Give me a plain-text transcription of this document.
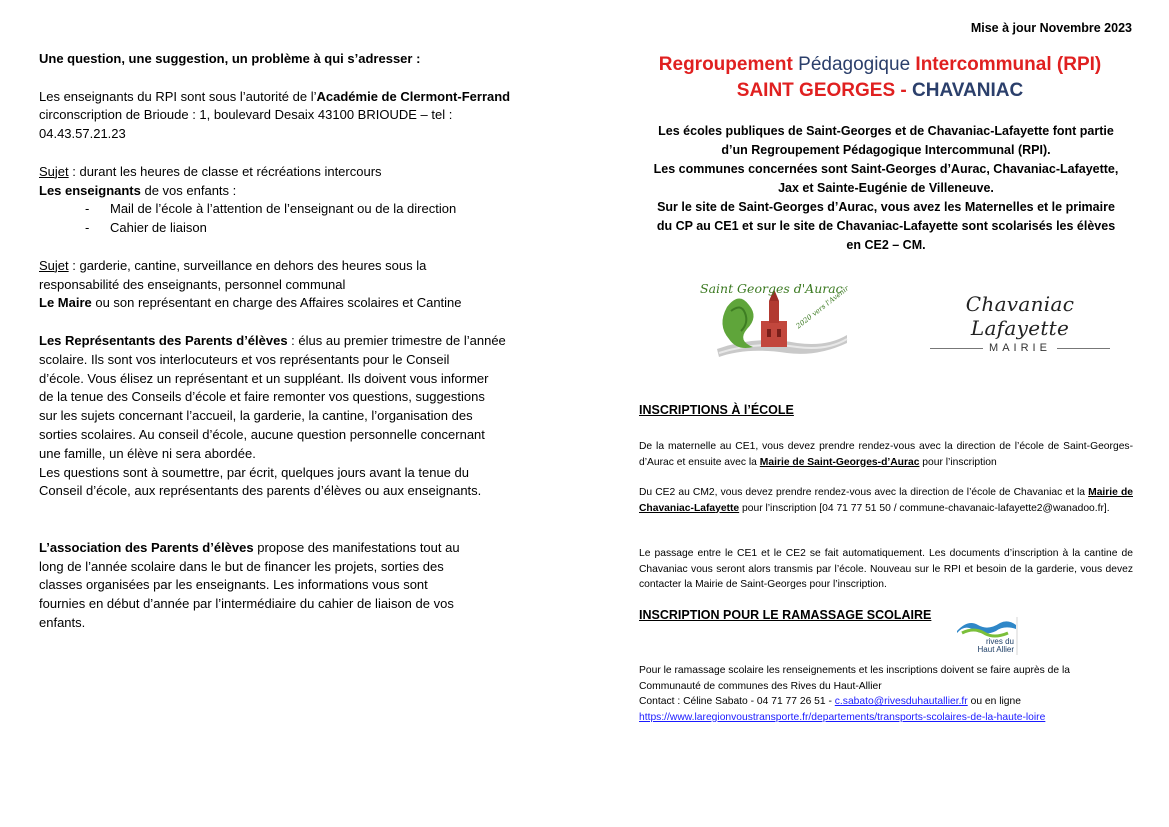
Une question, une suggestion, un problème à qui s’adresser :

Les enseignants du RPI sont sous l’autorité de l’Académie de Clermont-Ferrand
circonscription de Brioude : 1, boulevard Desaix 43100 BRIOUDE – tel :
04.43.57.21.23

Sujet : durant les heures de classe et récréations intercours
Les enseignants de vos enfants :

- Mail de l’école à l’attention de l’enseignant ou de la direction
- Cahier de liaison

Sujet : garderie, cantine, surveillance en dehors des heures sous la
responsabilité des enseignants, personnel communal
Le Maire ou son représentant en charge des Affaires scolaires et Cantine

Les Représentants des Parents d’élèves : élus au premier trimestre de l’année
scolaire. Ils sont vos interlocuteurs et vos représentants pour le Conseil
d’école. Vous élisez un représentant et un suppléant. Ils doivent vous informer
de la tenue des Conseils d’école et faire remonter vos questions, suggestions
sur les sujets concernant l’accueil, la garderie, la cantine, l’organisation des
sorties scolaires. Au conseil d’école, aucune question personnelle concernant
une famille, un élève ni sera abordée.
Les questions sont à soumettre, par écrit, quelques jours avant la tenue du
Conseil d’école, aux représentants des parents d’élèves ou aux enseignants.

L’association des Parents d’élèves propose des manifestations tout au
long de l’année scolaire dans le but de financer les projets, sorties des
classes organisées par les enseignants. Les informations vous sont
fournies en début d’année par l’intermédiaire du cahier de liaison de vos
enfants.

Mise à jour Novembre 2023
Regroupement Pédagogique Intercommunal (RPI)
SAINT GEORGES - CHAVANIAC

Les écoles publiques de Saint-Georges et de Chavaniac-Lafayette font partie

d’un Regroupement Pédagogique Intercommunal (RPI).

Les communes concernées sont Saint-Georges d’Aurac, Chavaniac-Lafayette,

Jax et Sainte-Eugénie de Villeneuve.

Sur le site de Saint-Georges d’Aurac, vous avez les Maternelles et le primaire

du CP au CE1 et sur le site de Chavaniac-Lafayette sont scolarisés les élèves

en CE2 – CM.

Saint Georges d'Aurac
2020 vers l'Avenir	Chavaniac Lafayette
MAIRIE
INSCRIPTIONS À l’ÉCOLE

De la maternelle au CE1, vous devez prendre rendez-vous avec la direction de l’école de Saint-Georges-d’Aurac et ensuite avec la Mairie de Saint-Georges-d’Aurac pour l’inscription

Du CE2 au CM2, vous devez prendre rendez-vous avec la direction de l’école de Chavaniac et la Mairie de Chavaniac-Lafayette pour l’inscription [04 71 77 51 50 / commune-chavanaic-lafayette2@wanadoo.fr].

Le passage entre le CE1 et le CE2 se fait automatiquement. Les documents d’inscription à la cantine de Chavaniac vous seront alors transmis par l’école. Nouveau sur le RPI et besoin de la garderie, vous devez contacter la Mairie de Saint-Georges pour l’inscription.

INSCRIPTION POUR LE RAMASSAGE SCOLAIRE
rives du
Haut Allier

Pour le ramassage scolaire les renseignements et les inscriptions doivent se faire auprès de la

Communauté de communes des Rives du Haut-Allier

Contact : Céline Sabato - 04 71 77 26 51 - c.sabato@rivesduhautallier.fr ou en ligne

https://www.laregionvoustransporte.fr/departements/transports-scolaires-de-la-haute-loire
